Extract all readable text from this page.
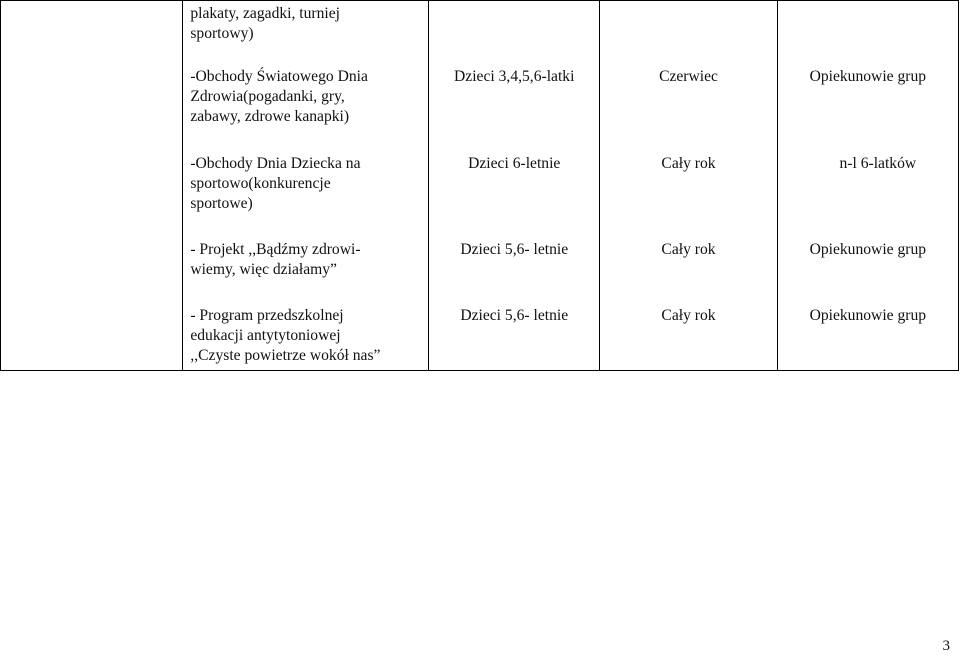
	plakaty, zagadki, turniej
sportowy)			

	-Obchody Światowego Dnia
Zdrowia(pogadanki, gry,
zabawy, zdrowe kanapki)	Dzieci 3,4,5,6-latki	Czerwiec	Opiekunowie grup

	-Obchody Dnia Dziecka na
sportowo(konkurencje
sportowe)	Dzieci 6-letnie	Cały rok	n-l 6-latków

	- Projekt ,,Bądźmy zdrowi-
wiemy, więc działamy”	Dzieci 5,6- letnie	Cały rok	Opiekunowie grup

	- Program przedszkolnej
edukacji antytytoniowej
,,Czyste powietrze wokół nas”	Dzieci 5,6- letnie	Cały rok	Opiekunowie grup
3
